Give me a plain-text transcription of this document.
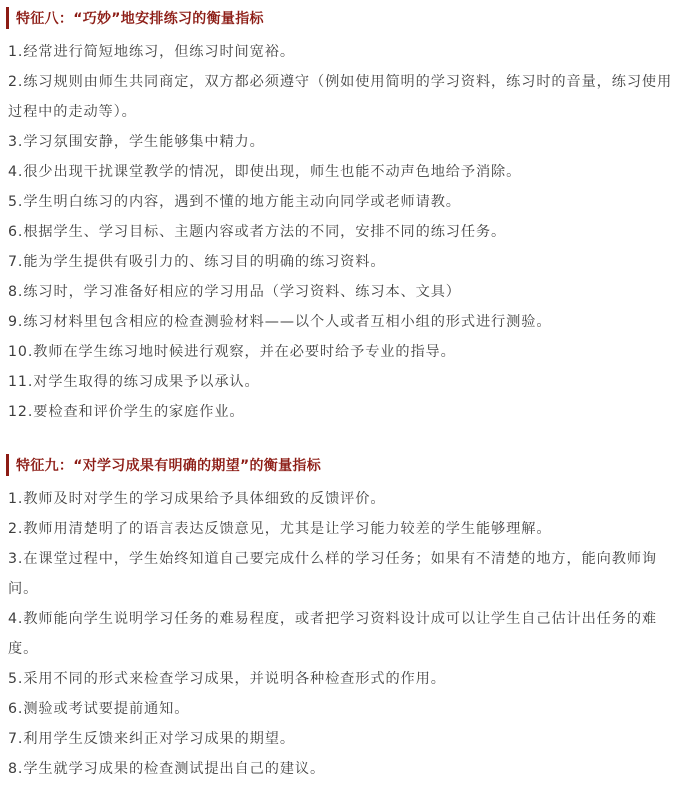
特征八：“巧妙”地安排练习的衡量指标
1.经常进行简短地练习，但练习时间宽裕。
2.练习规则由师生共同商定，双方都必须遵守（例如使用简明的学习资料，练习时的音量，练习使用过程中的走动等）。
3.学习氛围安静，学生能够集中精力。
4.很少出现干扰课堂教学的情况，即使出现，师生也能不动声色地给予消除。
5.学生明白练习的内容，遇到不懂的地方能主动向同学或老师请教。
6.根据学生、学习目标、主题内容或者方法的不同，安排不同的练习任务。
7.能为学生提供有吸引力的、练习目的明确的练习资料。
8.练习时，学习准备好相应的学习用品（学习资料、练习本、文具）
9.练习材料里包含相应的检查测验材料——以个人或者互相小组的形式进行测验。
10.教师在学生练习地时候进行观察，并在必要时给予专业的指导。
11.对学生取得的练习成果予以承认。
12.要检查和评价学生的家庭作业。
特征九：“对学习成果有明确的期望”的衡量指标
1.教师及时对学生的学习成果给予具体细致的反馈评价。
2.教师用清楚明了的语言表达反馈意见，尤其是让学习能力较差的学生能够理解。
3.在课堂过程中，学生始终知道自己要完成什么样的学习任务；如果有不清楚的地方，能向教师询问。
4.教师能向学生说明学习任务的难易程度，或者把学习资料设计成可以让学生自己估计出任务的难度。
5.采用不同的形式来检查学习成果，并说明各种检查形式的作用。
6.测验或考试要提前通知。
7.利用学生反馈来纠正对学习成果的期望。
8.学生就学习成果的检查测试提出自己的建议。
